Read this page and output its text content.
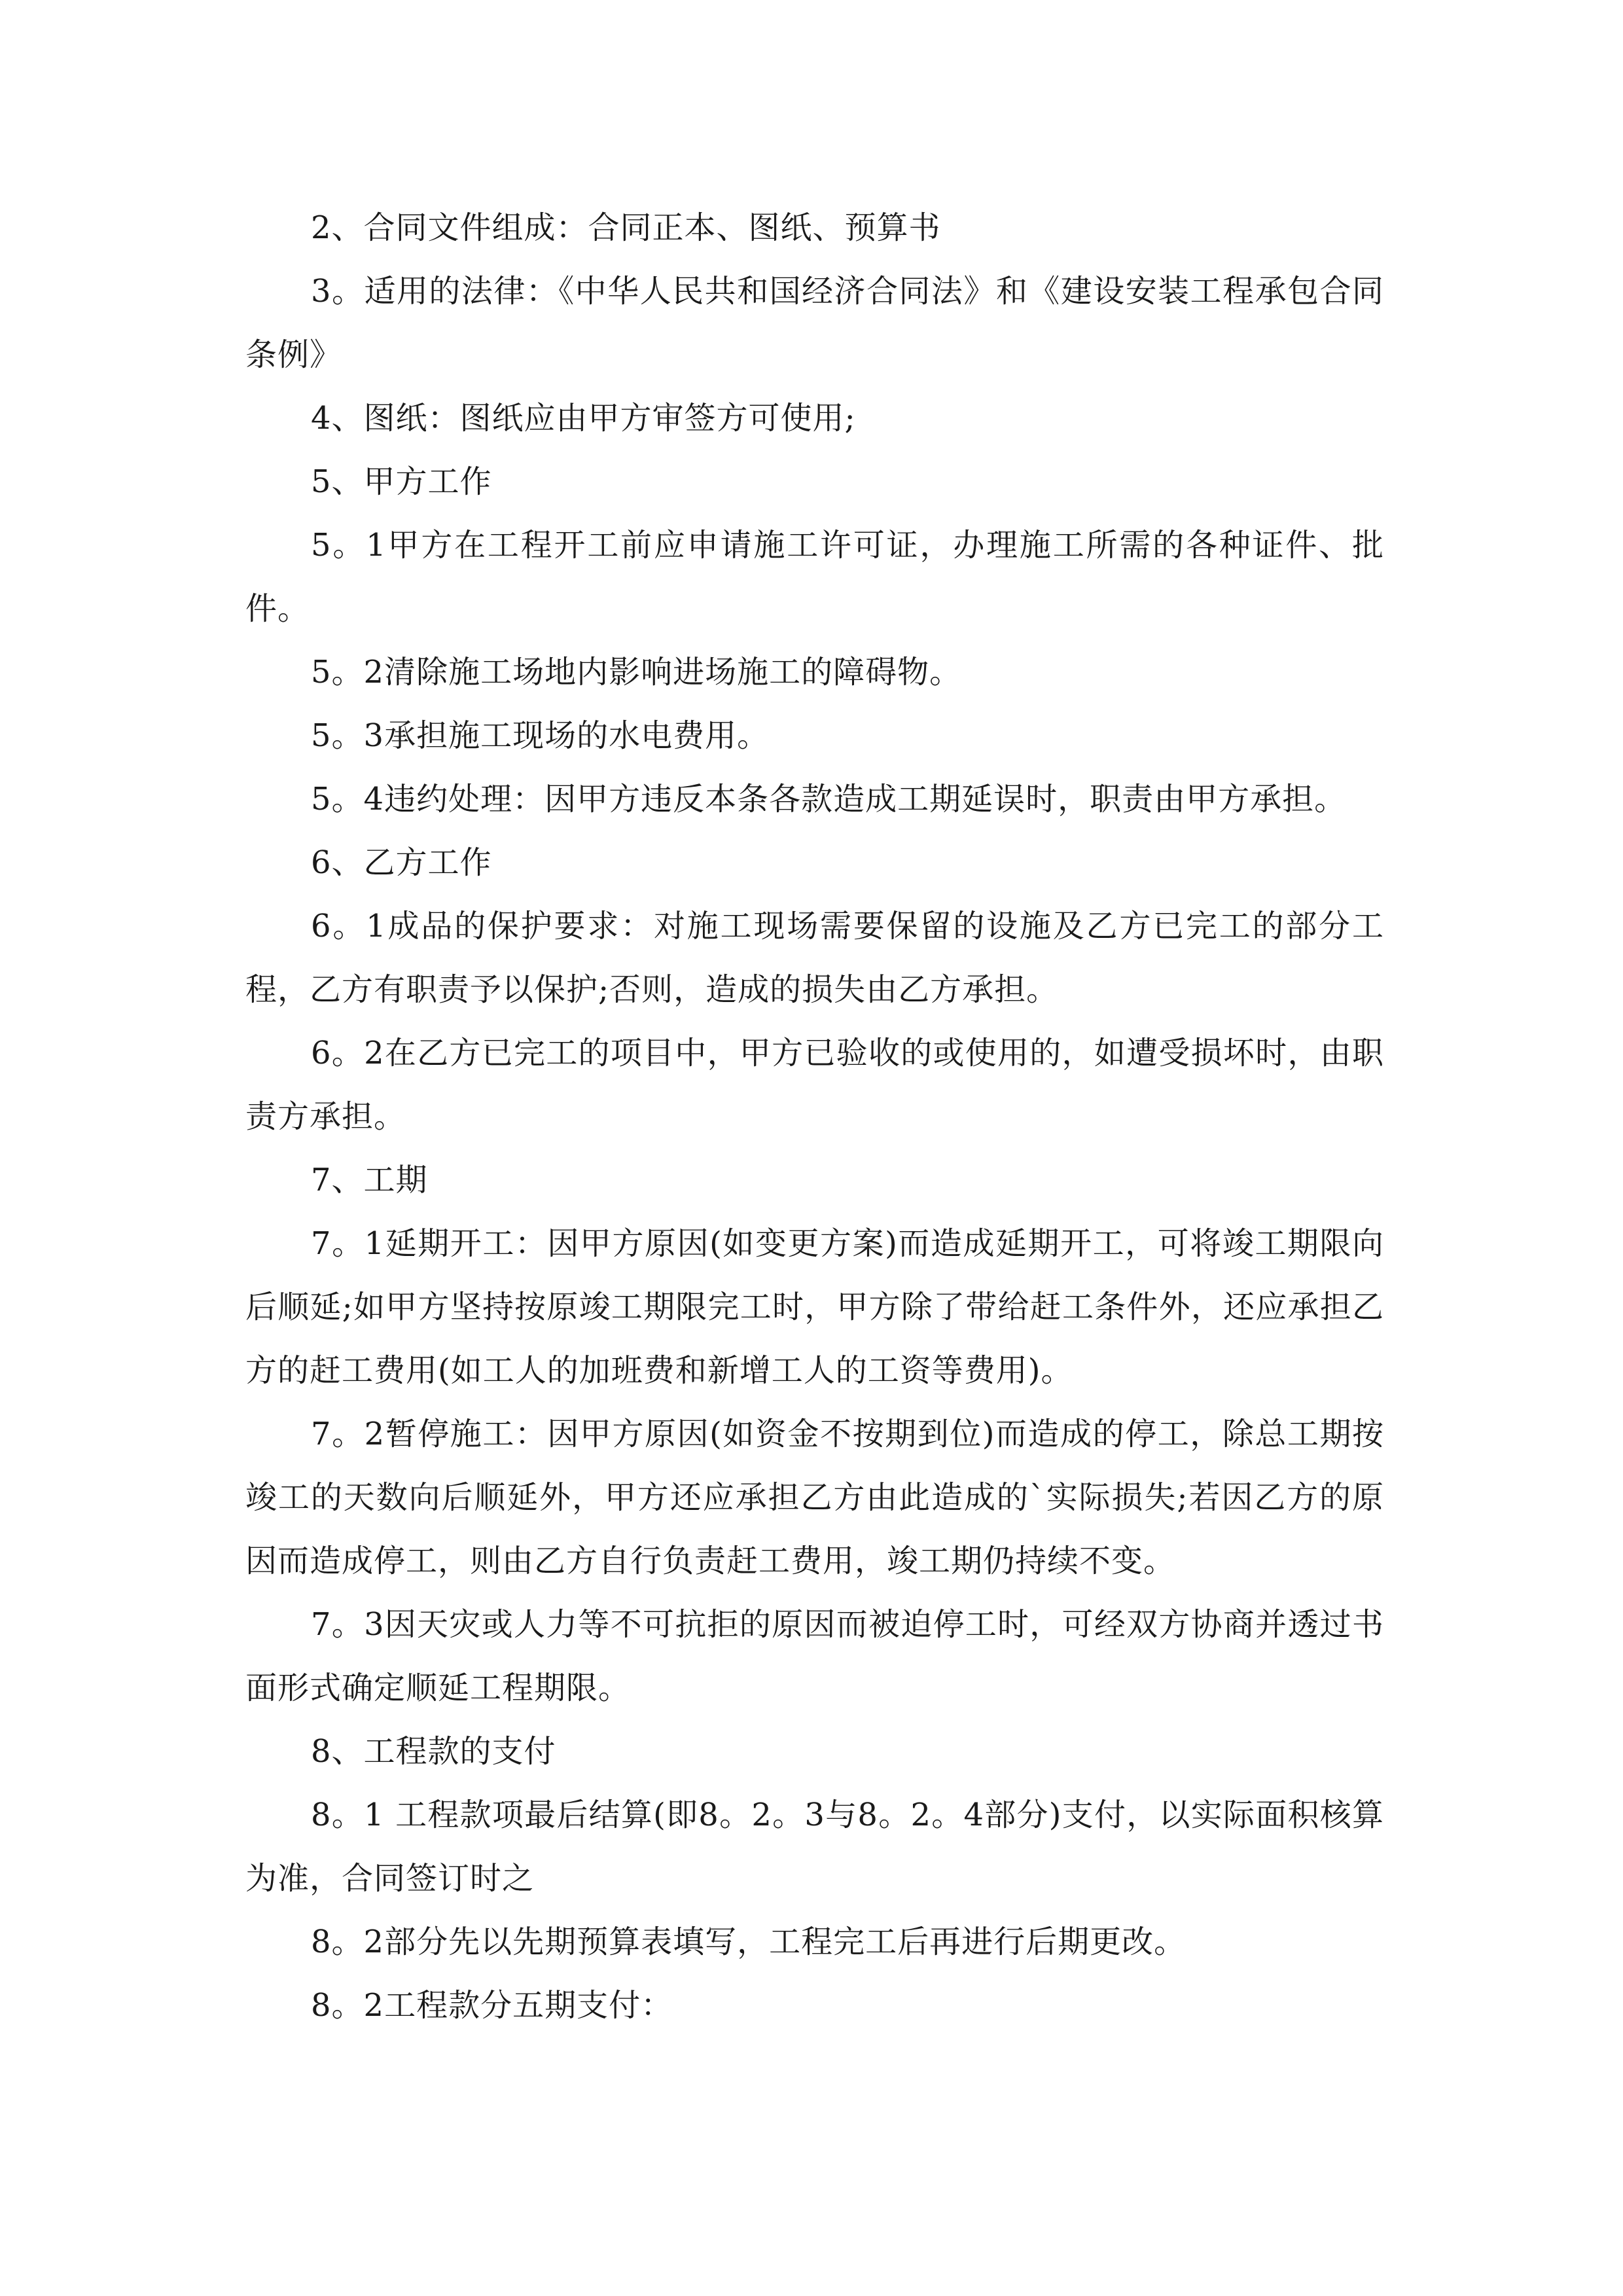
2、合同文件组成：合同正本、图纸、预算书

3。适用的法律：《中华人民共和国经济合同法》和《建设安装工程承包合同条例》

4、图纸：图纸应由甲方审签方可使用;

5、甲方工作

5。1甲方在工程开工前应申请施工许可证，办理施工所需的各种证件、批件。

5。2清除施工场地内影响进场施工的障碍物。

5。3承担施工现场的水电费用。

5。4违约处理：因甲方违反本条各款造成工期延误时，职责由甲方承担。

6、乙方工作

6。1成品的保护要求：对施工现场需要保留的设施及乙方已完工的部分工程，乙方有职责予以保护;否则，造成的损失由乙方承担。

6。2在乙方已完工的项目中，甲方已验收的或使用的，如遭受损坏时，由职责方承担。

7、工期

7。1延期开工：因甲方原因(如变更方案)而造成延期开工，可将竣工期限向后顺延;如甲方坚持按原竣工期限完工时，甲方除了带给赶工条件外，还应承担乙方的赶工费用(如工人的加班费和新增工人的工资等费用)。

7。2暂停施工：因甲方原因(如资金不按期到位)而造成的停工，除总工期按竣工的天数向后顺延外，甲方还应承担乙方由此造成的`实际损失;若因乙方的原因而造成停工，则由乙方自行负责赶工费用，竣工期仍持续不变。

7。3因天灾或人力等不可抗拒的原因而被迫停工时，可经双方协商并透过书面形式确定顺延工程期限。

8、工程款的支付

8。1 工程款项最后结算(即8。2。3与8。2。4部分)支付，以实际面积核算为准，合同签订时之

8。2部分先以先期预算表填写，工程完工后再进行后期更改。

8。2工程款分五期支付：
